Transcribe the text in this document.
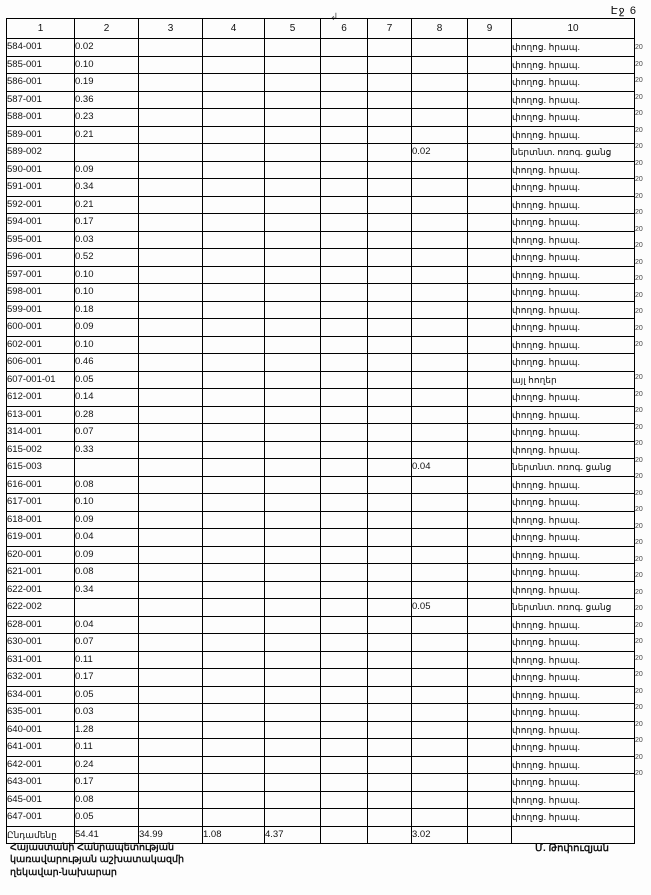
↲
Էջ 6
1	2	3	4	5	6	7	8	9	10
584-001	0.02								փողոց. հրապ.
585-001	0.10								փողոց. հրապ.
586-001	0.19								փողոց. հրապ.
587-001	0.36								փողոց. հրապ.
588-001	0.23								փողոց. հրապ.
589-001	0.21								փողոց. հրապ.
589-002							0.02		ներտնտ. ոռոգ. ցանց
590-001	0.09								փողոց. հրապ.
591-001	0.34								փողոց. հրապ.
592-001	0.21								փողոց. հրապ.
594-001	0.17								փողոց. հրապ.
595-001	0.03								փողոց. հրապ.
596-001	0.52								փողոց. հրապ.
597-001	0.10								փողոց. հրապ.
598-001	0.10								փողոց. հրապ.
599-001	0.18								փողոց. հրապ.
600-001	0.09								փողոց. հրապ.
602-001	0.10								փողոց. հրապ.
606-001	0.46								փողոց. հրապ.
607-001-01	0.05								այլ հողեր
612-001	0.14								փողոց. հրապ.
613-001	0.28								փողոց. հրապ.
314-001	0.07								փողոց. հրապ.
615-002	0.33								փողոց. հրապ.
615-003							0.04		ներտնտ. ոռոգ. ցանց
616-001	0.08								փողոց. հրապ.
617-001	0.10								փողոց. հրապ.
618-001	0.09								փողոց. հրապ.
619-001	0.04								փողոց. հրապ.
620-001	0.09								փողոց. հրապ.
621-001	0.08								փողոց. հրապ.
622-001	0.34								փողոց. հրապ.
622-002							0.05		ներտնտ. ոռոգ. ցանց
628-001	0.04								փողոց. հրապ.
630-001	0.07								փողոց. հրապ.
631-001	0.11								փողոց. հրապ.
632-001	0.17								փողոց. հրապ.
634-001	0.05								փողոց. հրապ.
635-001	0.03								փողոց. հրապ.
640-001	1.28								փողոց. հրապ.
641-001	0.11								փողոց. հրապ.
642-001	0.24								փողոց. հրապ.
643-001	0.17								փողոց. հրապ.
645-001	0.08								փողոց. հրապ.
647-001	0.05								փողոց. հրապ.
Ընդամենը	54.41	34.99	1.08	4.37			3.02		
20
20
20
20
20
20
20
20
20
20
20
20
20
20
20
20
20
20
20
20
20
20
20
20
20
20
20
20
20
20
20
20
20
20
20
20
20
20
20
20
20
20
20
20
Հայաստանի Հանրապետության
կառավարության աշխատակազմի
ղեկավար-նախարար
Մ. Թոփուզյան
